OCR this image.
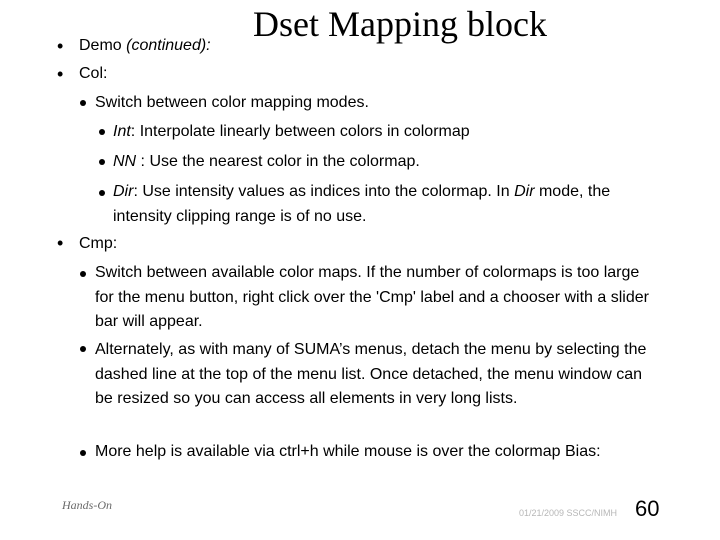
Dset Mapping block
• Demo (continued):
• Col:
Switch between color mapping modes.
Int: Interpolate linearly between colors in colormap
NN : Use the nearest color in the colormap.
Dir: Use intensity values as indices into the colormap. In Dir mode, the intensity clipping range is of no use.
• Cmp:
Switch between available color maps. If the number of colormaps is too large for the menu button, right click over the 'Cmp' label and a chooser with a slider bar will appear.
Alternately, as with many of SUMA’s menus, detach the menu by selecting the dashed line at the top of the menu list. Once detached, the menu window can be resized so you can access all elements in very long lists.
More help is available via ctrl+h while mouse is over the colormap Bias:
Hands-On
01/21/2009 SSCC/NIMH 60
